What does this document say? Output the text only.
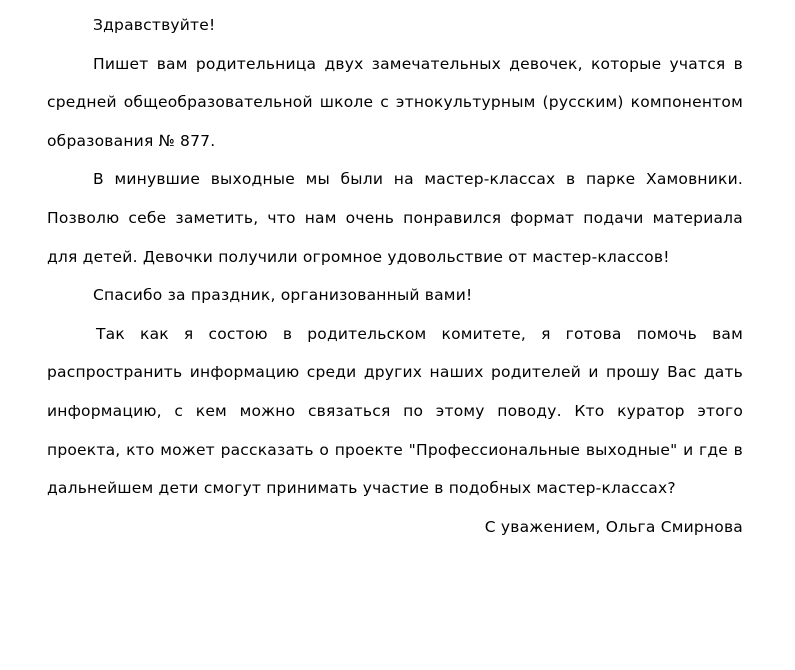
Здравствуйте!

Пишет вам родительница двух замечательных девочек, которые учатся в средней общеобразовательной школе с этнокультурным (русским) компонентом образования № 877.

В минувшие выходные мы были на мастер-классах в парке Хамовники. Позволю себе заметить, что нам очень понравился формат подачи материала для детей. Девочки получили огромное удовольствие от мастер-классов!

Спасибо за праздник, организованный вами!

Так как я состою в родительском комитете, я готова помочь вам распространить информацию среди других наших родителей и прошу Вас дать информацию, с кем можно связаться по этому поводу. Кто куратор этого проекта, кто может рассказать о проекте "Профессиональные выходные" и где в дальнейшем дети смогут принимать участие в подобных мастер-классах?

С уважением, Ольга Смирнова
